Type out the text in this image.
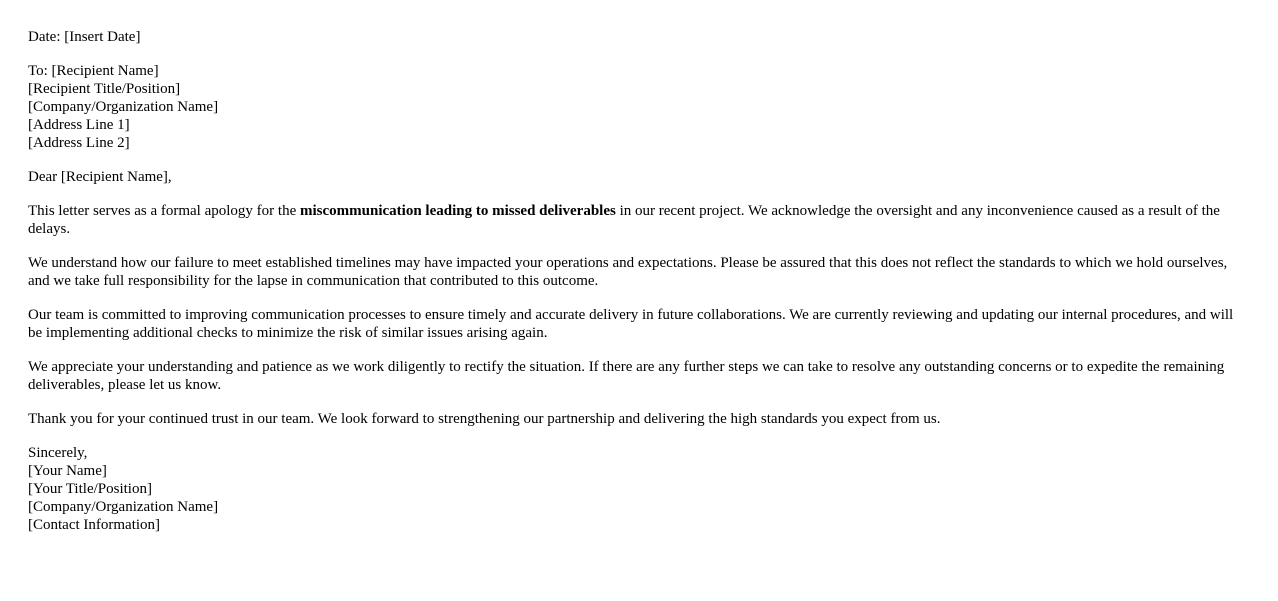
Date: [Insert Date]
To: [Recipient Name]
[Recipient Title/Position]
[Company/Organization Name]
[Address Line 1]
[Address Line 2]
Dear [Recipient Name],

This letter serves as a formal apology for the miscommunication leading to missed deliverables in our recent project. We acknowledge the oversight and any inconvenience caused as a result of the delays.

We understand how our failure to meet established timelines may have impacted your operations and expectations. Please be assured that this does not reflect the standards to which we hold ourselves, and we take full responsibility for the lapse in communication that contributed to this outcome.

Our team is committed to improving communication processes to ensure timely and accurate delivery in future collaborations. We are currently reviewing and updating our internal procedures, and will be implementing additional checks to minimize the risk of similar issues arising again.

We appreciate your understanding and patience as we work diligently to rectify the situation. If there are any further steps we can take to resolve any outstanding concerns or to expedite the remaining deliverables, please let us know.

Thank you for your continued trust in our team. We look forward to strengthening our partnership and delivering the high standards you expect from us.

Sincerely,
[Your Name]
[Your Title/Position]
[Company/Organization Name]
[Contact Information]
